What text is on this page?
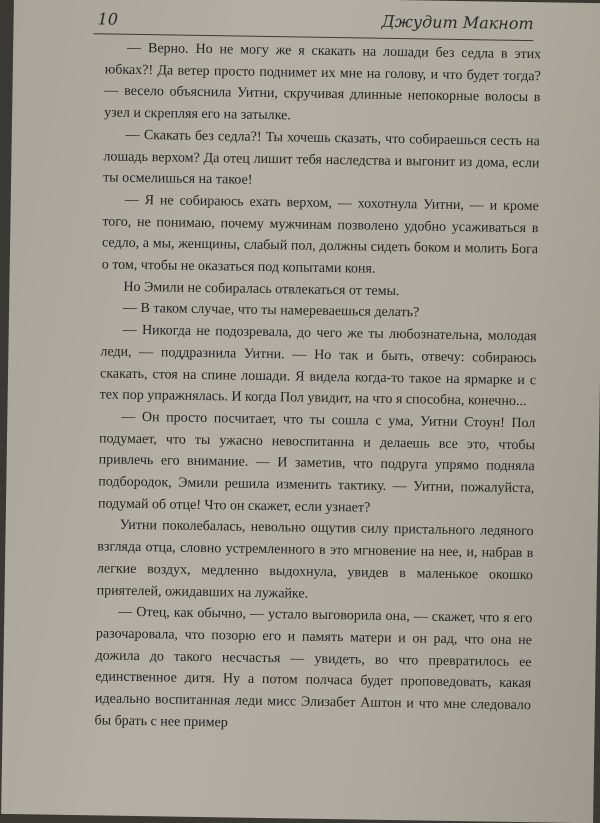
10	Джудит Макнот

— Верно. Но не могу же я скакать на лошади без седла в этих юбках?! Да ветер просто поднимет их мне на голову, и что будет тогда? — весело объяснила Уитни, скручивая длинные непокорные волосы в узел и скрепляя его на затылке.

— Скакать без седла?! Ты хочешь сказать, что собираешься сесть на лошадь верхом? Да отец лишит тебя наследства и выгонит из дома, если ты осмелишься на такое!

— Я не собираюсь ехать верхом, — хохотнула Уитни, — и кроме того, не понимаю, почему мужчинам позволено удобно усаживаться в седло, а мы, женщины, слабый пол, должны сидеть боком и молить Бога о том, чтобы не оказаться под копытами коня.

Но Эмили не собиралась отвлекаться от темы.

— В таком случае, что ты намереваешься делать?

— Никогда не подозревала, до чего же ты любознательна, молодая леди, — поддразнила Уитни. — Но так и быть, отвечу: собираюсь скакать, стоя на спине лошади. Я видела когда-то такое на ярмарке и с тех пор упражнялась. И когда Пол увидит, на что я способна, конечно...

— Он просто посчитает, что ты сошла с ума, Уитни Стоун! Пол подумает, что ты ужасно невоспитанна и делаешь все это, чтобы привлечь его внимание. — И заметив, что подруга упрямо подняла подбородок, Эмили решила изменить тактику. — Уитни, пожалуйста, подумай об отце! Что он скажет, если узнает?

Уитни поколебалась, невольно ощутив силу пристального ледяного взгляда отца, словно устремленного в это мгновение на нее, и, набрав в легкие воздух, медленно выдохнула, увидев в маленькое окошко приятелей, ожидавших на лужайке.

— Отец, как обычно, — устало выговорила она, — скажет, что я его разочаровала, что позорю его и память матери и он рад, что она не дожила до такого несчастья — увидеть, во что превратилось ее единственное дитя. Ну а потом полчаса будет проповедовать, какая идеально воспитанная леди мисс Элизабет Аштон и что мне следовало бы брать с нее пример
